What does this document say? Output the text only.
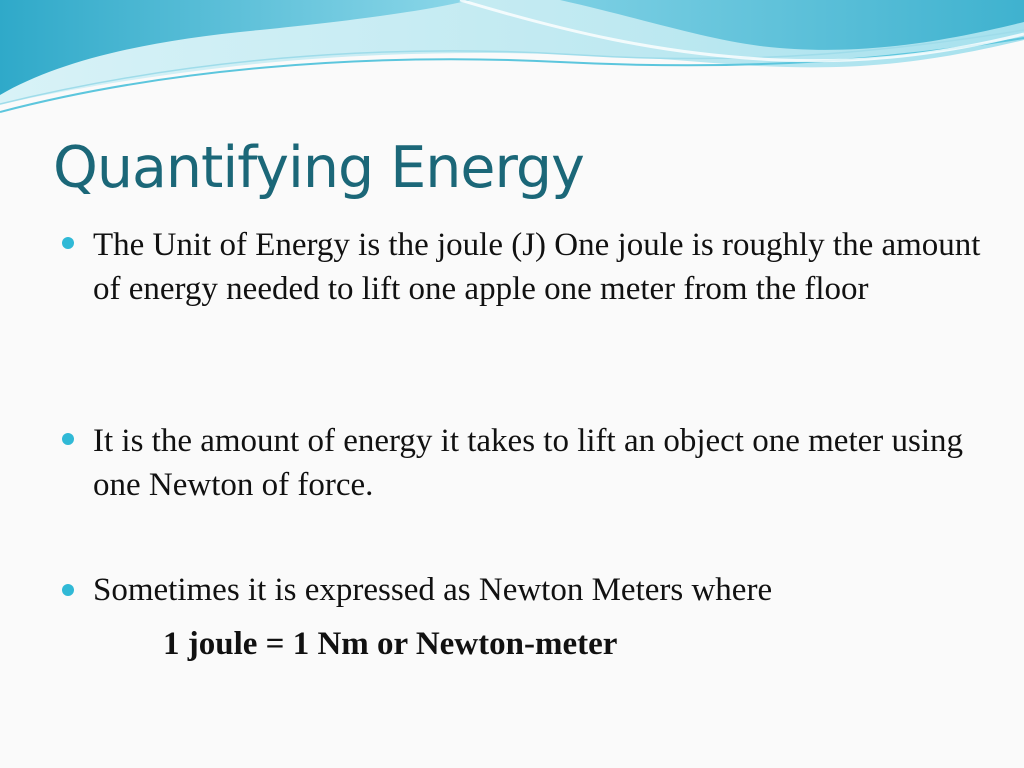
Quantifying Energy
The Unit of Energy is the joule (J) One joule is roughly the amount of energy needed to lift one apple one meter from the floor
It is the amount of energy it takes to lift an object one meter using one Newton of force.
Sometimes it is expressed as Newton Meters where
1 joule = 1 Nm or Newton-meter
